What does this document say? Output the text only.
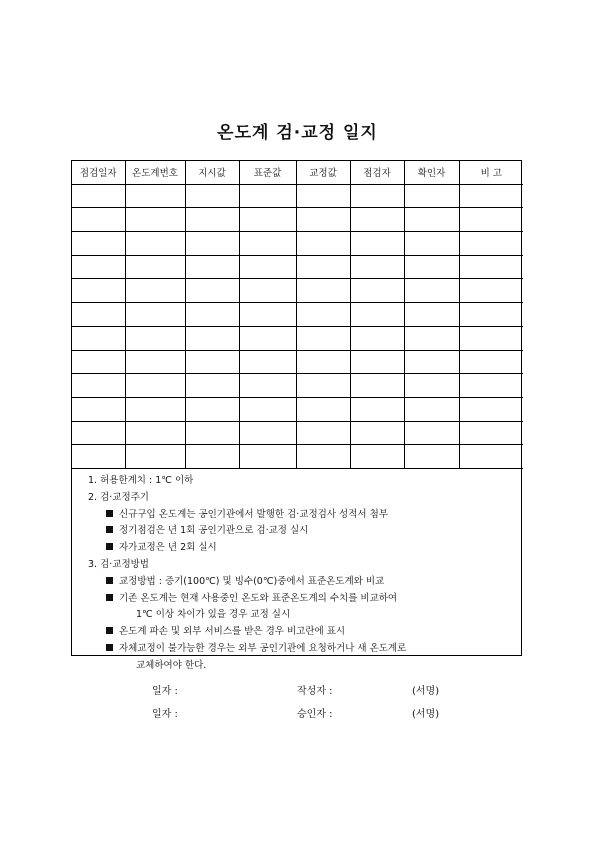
온도계 검·교정 일지
점검일자	온도계번호	지시값	표준값	교정값	점검자	확인자	비 고

1. 허용한계치 : 1℃ 이하

2. 검·교정주기

신규구입 온도계는 공인기관에서 발행한 검·교정검사 성적서 첨부

정기점검은 년 1회 공인기관으로 검·교정 실시

자가교정은 년 2회 실시

3. 검·교정방법

교정방법 : 증기(100℃) 및 빙수(0℃)중에서 표준온도계와 비교

기존 온도계는 현재 사용중인 온도와 표준온도계의 수치를 비교하여

1℃ 이상 차이가 있을 경우 교정 실시

온도계 파손 및 외부 서비스를 받은 경우 비고란에 표시

자체교정이 불가능한 경우는 외부 공인기관에 요청하거나 새 온도계로

교체하여야 한다.

일자 :	작성자 :	(서명)
일자 :	승인자 :	(서명)
